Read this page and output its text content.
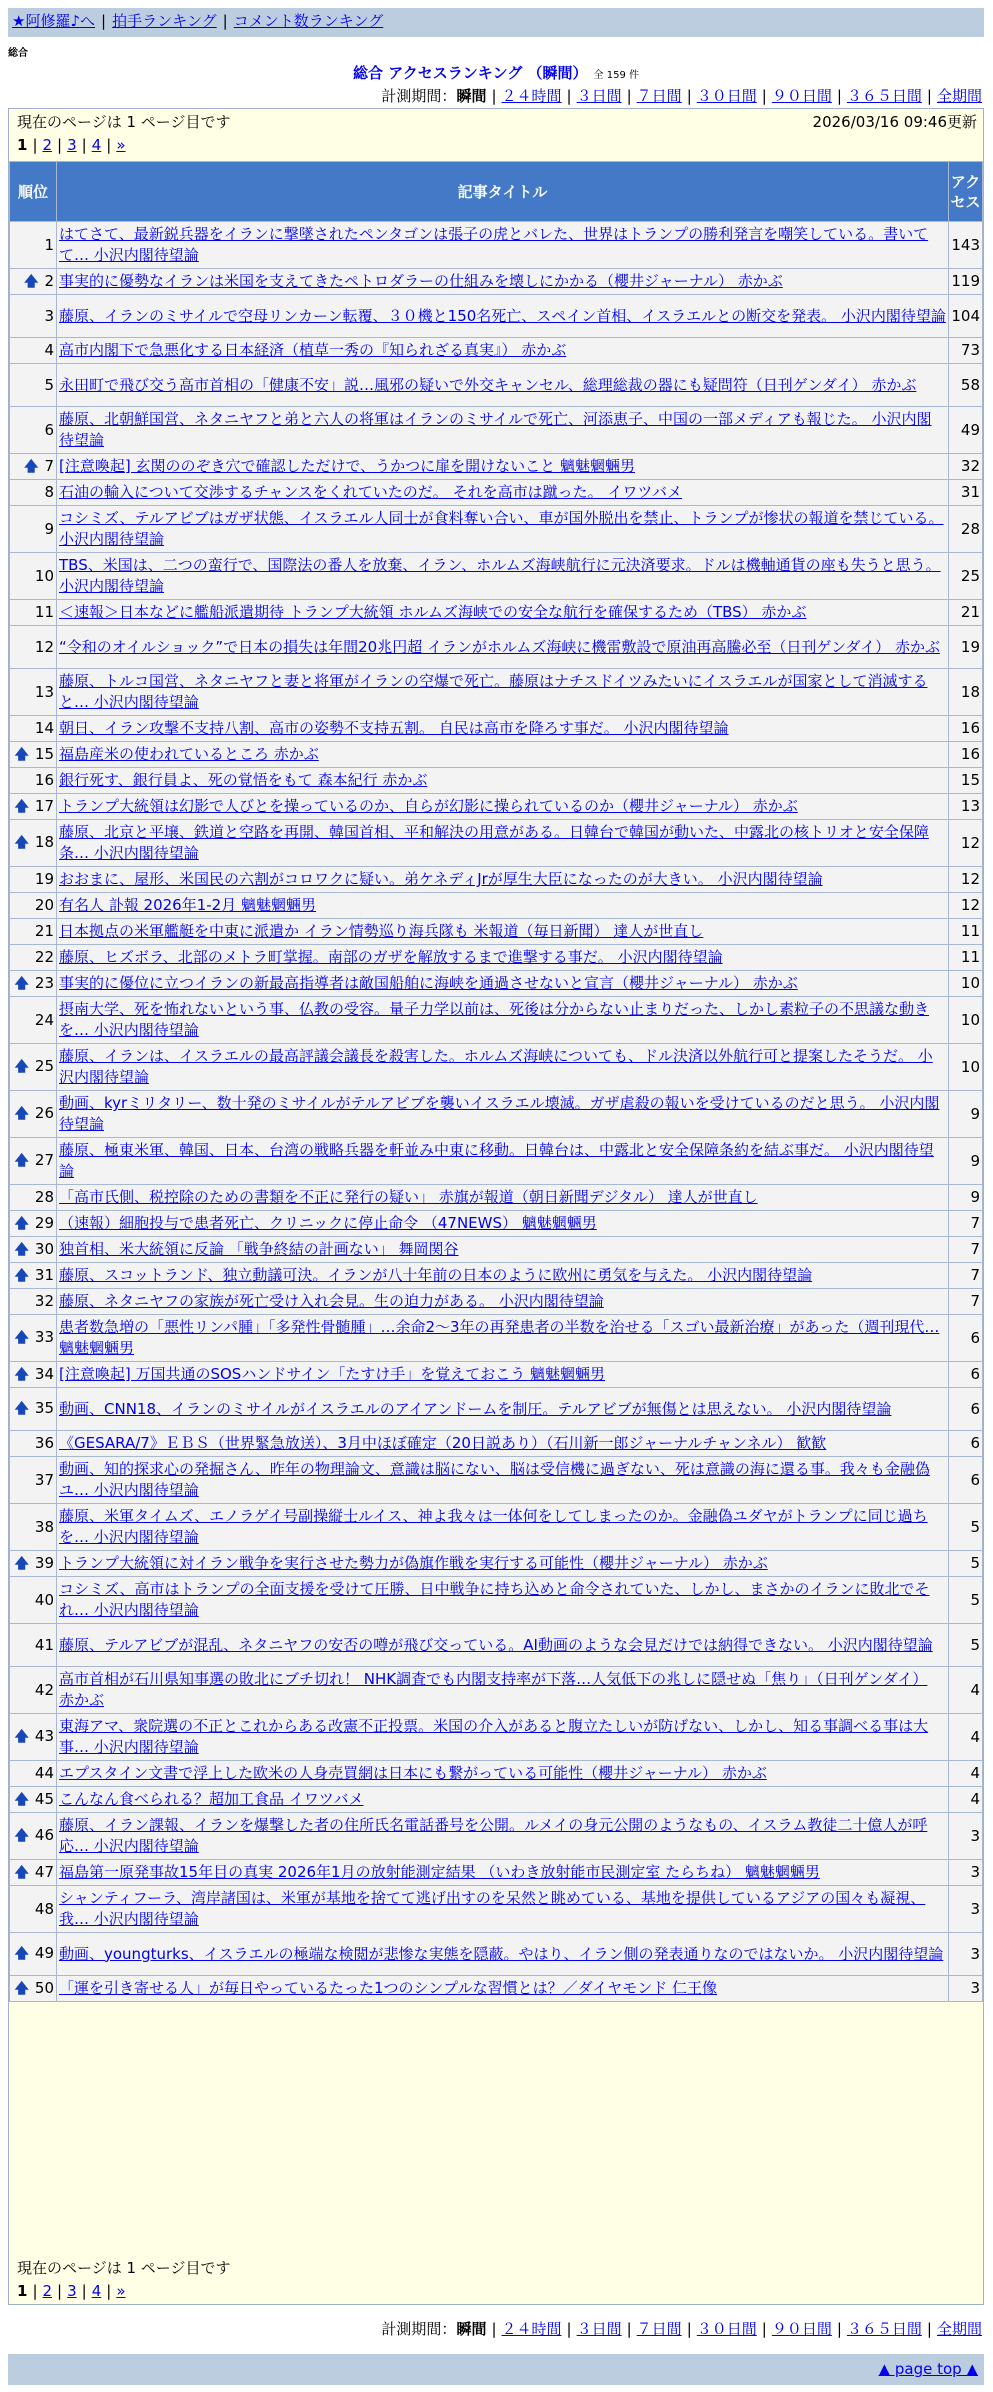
★阿修羅♪へ | 拍手ランキング | コメント数ランキング
総合
総合 アクセスランキング （瞬間） 全 159 件
計測期間：瞬間 | ２４時間 | ３日間 | ７日間 | ３０日間 | ９０日間 | ３６５日間 | 全期間
現在のページは 1 ページ目です	2026/03/16 09:46更新
1 | 2 | 3 | 4 | »
順位	記事タイトル	アクセス
1	はてさて、最新鋭兵器をイランに撃墜されたペンタゴンは張子の虎とバレた、世界はトランプの勝利発言を嘲笑している。書いてて… 小沢内閣待望論	143
🡅 2	事実的に優勢なイランは米国を支えてきたペトロダラーの仕組みを壊しにかかる（櫻井ジャーナル） 赤かぶ	119
3	藤原、イランのミサイルで空母リンカーン転覆、３０機と150名死亡、スペイン首相、イスラエルとの断交を発表。 小沢内閣待望論	104
4	高市内閣下で急悪化する日本経済（植草一秀の『知られざる真実』） 赤かぶ	73
5	永田町で飛び交う高市首相の「健康不安」説…風邪の疑いで外交キャンセル、総理総裁の器にも疑問符（日刊ゲンダイ） 赤かぶ	58
6	藤原、北朝鮮国営、ネタニヤフと弟と六人の将軍はイランのミサイルで死亡、河添恵子、中国の一部メディアも報じた。 小沢内閣待望論	49
🡅 7	[注意喚起] 玄関ののぞき穴で確認しただけで、うかつに扉を開けないこと 魑魅魍魎男	32
8	石油の輸入について交渉するチャンスをくれていたのだ。 それを高市は蹴った。 イワツバメ	31
9	コシミズ、テルアビブはガザ状態、イスラエル人同士が食料奪い合い、車が国外脱出を禁止、トランプが惨状の報道を禁じている。 小沢内閣待望論	28
10	TBS、米国は、二つの蛮行で、国際法の番人を放棄、イラン、ホルムズ海峡航行に元決済要求。ドルは機軸通貨の座も失うと思う。 小沢内閣待望論	25
11	＜速報＞日本などに艦船派遣期待 トランプ大統領 ホルムズ海峡での安全な航行を確保するため（TBS） 赤かぶ	21
12	“令和のオイルショック”で日本の損失は年間20兆円超 イランがホルムズ海峡に機雷敷設で原油再高騰必至（日刊ゲンダイ） 赤かぶ	19
13	藤原、トルコ国営、ネタニヤフと妻と将軍がイランの空爆で死亡。藤原はナチスドイツみたいにイスラエルが国家として消滅すると… 小沢内閣待望論	18
14	朝日、イラン攻撃不支持八割、高市の姿勢不支持五割。 自民は高市を降ろす事だ。 小沢内閣待望論	16
🡅 15	福島産米の使われているところ 赤かぶ	16
16	銀行死す、銀行員よ、死の覚悟をもて 森本紀行 赤かぶ	15
🡅 17	トランプ大統領は幻影で人びとを操っているのか、自らが幻影に操られているのか（櫻井ジャーナル） 赤かぶ	13
🡅 18	藤原、北京と平壌、鉄道と空路を再開、韓国首相、平和解決の用意がある。日韓台で韓国が動いた、中露北の核トリオと安全保障条… 小沢内閣待望論	12
19	おおまに、屋形、米国民の六割がコロワクに疑い。弟ケネディJrが厚生大臣になったのが大きい。 小沢内閣待望論	12
20	有名人 訃報 2026年1-2月 魑魅魍魎男	12
21	日本拠点の米軍艦艇を中東に派遣か イラン情勢巡り海兵隊も 米報道（毎日新聞） 達人が世直し	11
22	藤原、ヒズボラ、北部のメトラ町掌握。南部のガザを解放するまで進撃する事だ。 小沢内閣待望論	11
🡅 23	事実的に優位に立つイランの新最高指導者は敵国船舶に海峡を通過させないと宣言（櫻井ジャーナル） 赤かぶ	10
24	摂南大学、死を怖れないという事、仏教の受容。量子力学以前は、死後は分からない止まりだった、しかし素粒子の不思議な動きを… 小沢内閣待望論	10
🡅 25	藤原、イランは、イスラエルの最高評議会議長を殺害した。ホルムズ海峡についても、ドル決済以外航行可と提案したそうだ。 小沢内閣待望論	10
🡅 26	動画、kyrミリタリー、数十発のミサイルがテルアビブを襲いイスラエル壊滅。ガザ虐殺の報いを受けているのだと思う。 小沢内閣待望論	9
🡅 27	藤原、極東米軍、韓国、日本、台湾の戦略兵器を軒並み中東に移動。日韓台は、中露北と安全保障条約を結ぶ事だ。 小沢内閣待望論	9
28	「高市氏側、税控除のための書類を不正に発行の疑い」 赤旗が報道（朝日新聞デジタル） 達人が世直し	9
🡅 29	（速報）細胞投与で患者死亡、クリニックに停止命令 （47NEWS） 魑魅魍魎男	7
🡅 30	独首相、米大統領に反論 「戦争終結の計画ない」 舞岡関谷	7
🡅 31	藤原、スコットランド、独立動議可決。イランが八十年前の日本のように欧州に勇気を与えた。 小沢内閣待望論	7
32	藤原、ネタニヤフの家族が死亡受け入れ会見。生の迫力がある。 小沢内閣待望論	7
🡅 33	患者数急増の「悪性リンパ腫」「多発性骨髄腫」…余命2～3年の再発患者の半数を治せる「スゴい最新治療」があった（週刊現代… 魑魅魍魎男	6
🡅 34	[注意喚起] 万国共通のSOSハンドサイン「たすけ手」を覚えておこう 魑魅魍魎男	6
🡅 35	動画、CNN18、イランのミサイルがイスラエルのアイアンドームを制圧。テルアビブが無傷とは思えない。 小沢内閣待望論	6
36	《GESARA/7》ＥＢＳ（世界緊急放送）、3月中ほぼ確定（20日説あり）（石川新一郎ジャーナルチャンネル） 歓歓	6
37	動画、知的探求心の発掘さん、昨年の物理論文、意識は脳にない、脳は受信機に過ぎない、死は意識の海に還る事。我々も金融偽ユ… 小沢内閣待望論	6
38	藤原、米軍タイムズ、エノラゲイ号副操縦士ルイス、神よ我々は一体何をしてしまったのか。金融偽ユダヤがトランプに同じ過ちを… 小沢内閣待望論	5
🡅 39	トランプ大統領に対イラン戦争を実行させた勢力が偽旗作戦を実行する可能性（櫻井ジャーナル） 赤かぶ	5
40	コシミズ、高市はトランプの全面支援を受けて圧勝、日中戦争に持ち込めと命令されていた、しかし、まさかのイランに敗北でそれ… 小沢内閣待望論	5
41	藤原、テルアビブが混乱、ネタニヤフの安否の噂が飛び交っている。AI動画のような会見だけでは納得できない。 小沢内閣待望論	5
42	高市首相が石川県知事選の敗北にブチ切れ！ NHK調査でも内閣支持率が下落…人気低下の兆しに隠せぬ「焦り」（日刊ゲンダイ） 赤かぶ	4
🡅 43	東海アマ、衆院選の不正とこれからある改憲不正投票。米国の介入があると腹立たしいが防げない、しかし、知る事調べる事は大事… 小沢内閣待望論	4
44	エプスタイン文書で浮上した欧米の人身売買網は日本にも繋がっている可能性（櫻井ジャーナル） 赤かぶ	4
🡅 45	こんなん食べられる？超加工食品 イワツバメ	4
🡅 46	藤原、イラン課報、イランを爆撃した者の住所氏名電話番号を公開。ルメイの身元公開のようなもの、イスラム教徒二十億人が呼応… 小沢内閣待望論	3
🡅 47	福島第一原発事故15年目の真実 2026年1月の放射能測定結果 （いわき放射能市民測定室 たらちね） 魑魅魍魎男	3
48	シャンティフーラ、湾岸諸国は、米軍が基地を捨てて逃げ出すのを呆然と眺めている、基地を提供しているアジアの国々も凝視、我… 小沢内閣待望論	3
🡅 49	動画、youngturks、イスラエルの極端な検閲が悲惨な実態を隠蔽。やはり、イラン側の発表通りなのではないか。 小沢内閣待望論	3
🡅 50	「運を引き寄せる人」が毎日やっているたった1つのシンプルな習慣とは？／ダイヤモンド 仁王像	3
現在のページは 1 ページ目です
1 | 2 | 3 | 4 | »
計測期間：瞬間 | ２４時間 | ３日間 | ７日間 | ３０日間 | ９０日間 | ３６５日間 | 全期間
▲ page top ▲
